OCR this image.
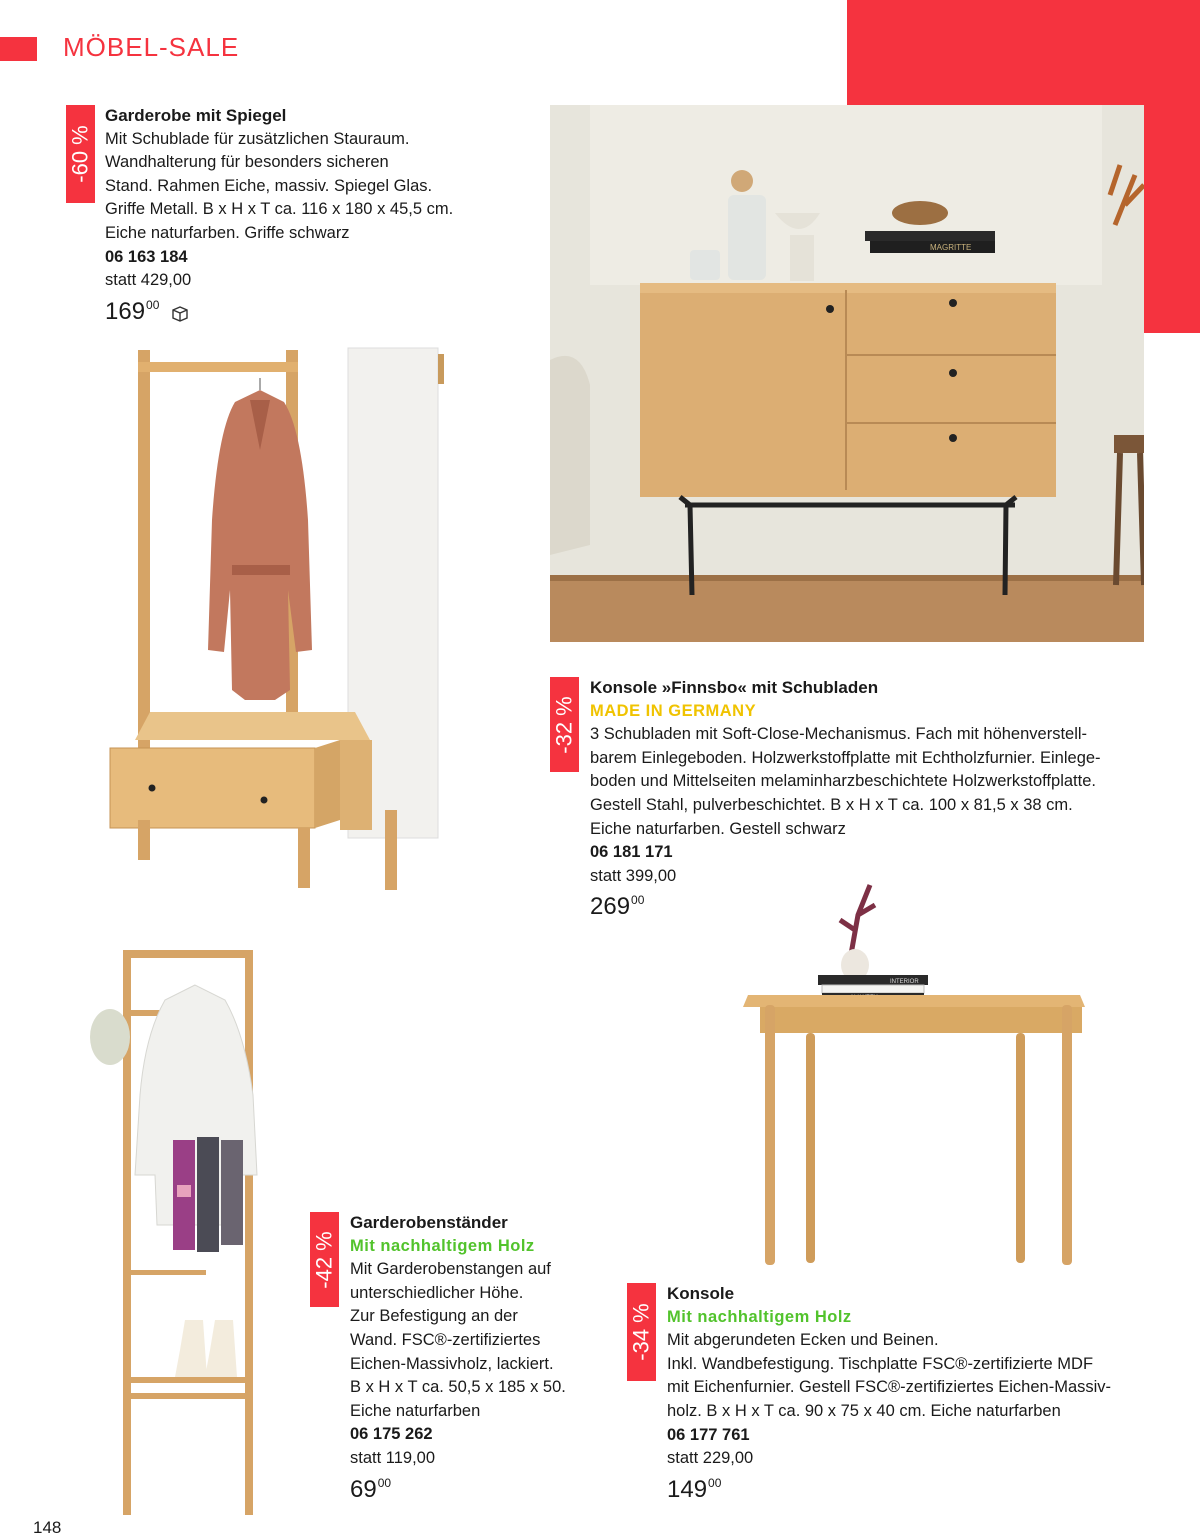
MÖBEL-SALE
-60 %
Garderobe mit Spiegel
Mit Schublade für zusätzlichen Stauraum.
Wandhalterung für besonders sicheren
Stand. Rahmen Eiche, massiv. Spiegel Glas.
Griffe Metall. B x H x T ca. 116 x 180 x 45,5 cm.
Eiche naturfarben. Griffe schwarz
06 163 184
statt 429,00
$169^{00}$
MAGRITTE
-32 %
Konsole »Finnsbo« mit Schubladen
MADE IN GERMANY
3 Schubladen mit Soft-Close-Mechanismus. Fach mit höhenverstell-
barem Einlegeboden. Holzwerkstoffplatte mit Echtholzfurnier. Einlege-
boden und Mittelseiten melaminharzbeschichtete Holzwerkstoffplatte.
Gestell Stahl, pulverbeschichtet. B x H x T ca. 100 x 81,5 x 38 cm.
Eiche naturfarben. Gestell schwarz
06 181 171
statt 399,00
$269^{00}$
-42 %
Garderobenständer
Mit nachhaltigem Holz
Mit Garderobenstangen auf
unterschiedlicher Höhe.
Zur Befestigung an der
Wand. FSC®-zertifiziertes
Eichen-Massivholz, lackiert.
B x H x T ca. 50,5 x 185 x 50.
Eiche naturfarben
06 175 262
statt 119,00
$69^{00}$
INTERIOR
-34 %
Konsole
Mit nachhaltigem Holz
Mit abgerundeten Ecken und Beinen.
Inkl. Wandbefestigung. Tischplatte FSC®-zertifizierte MDF
mit Eichenfurnier. Gestell FSC®-zertifiziertes Eichen-Massiv-
holz. B x H x T ca. 90 x 75 x 40 cm. Eiche naturfarben
06 177 761
statt 229,00
$149^{00}$
148
